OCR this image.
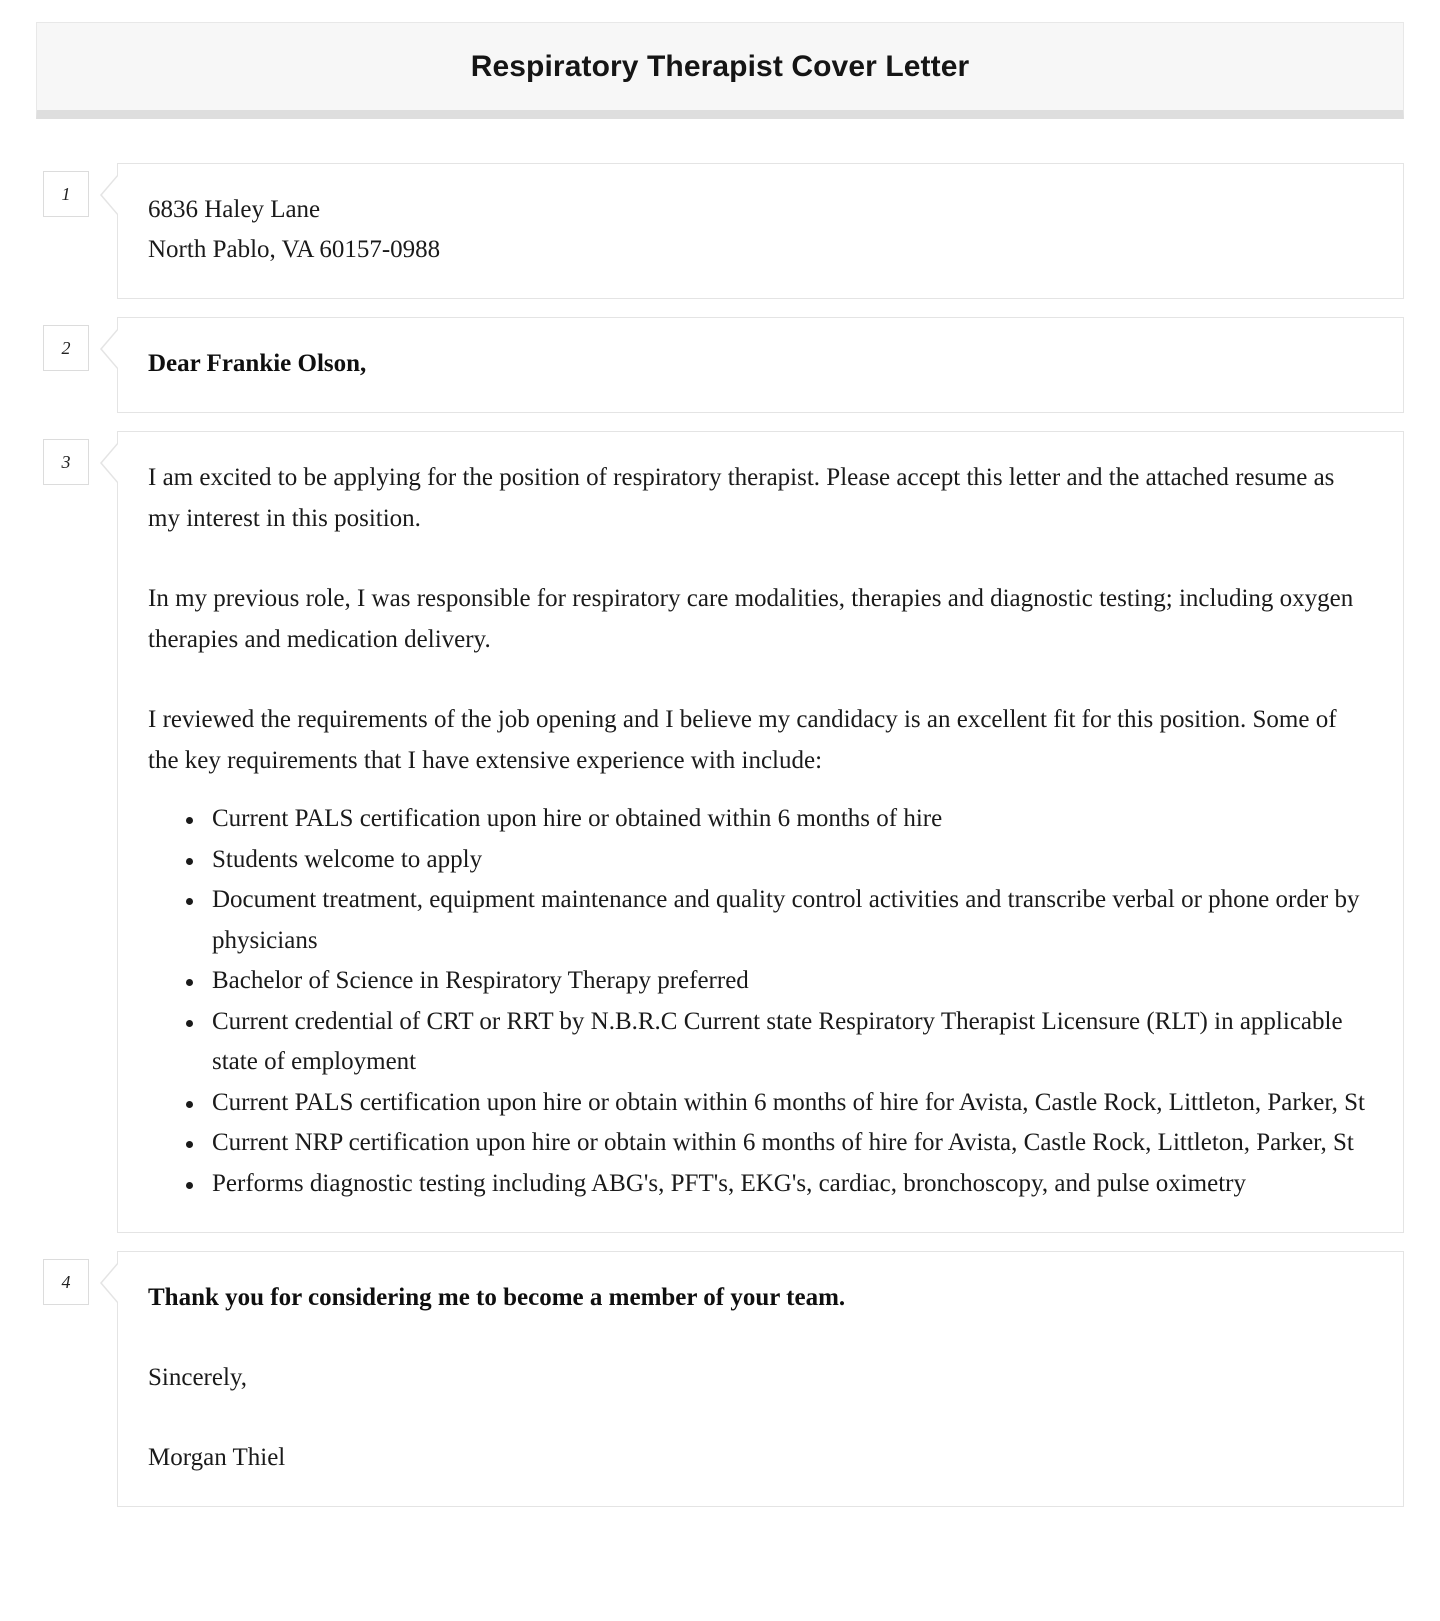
Respiratory Therapist Cover Letter
1
6836 Haley Lane
North Pablo, VA 60157-0988
2
Dear Frankie Olson,
3

I am excited to be applying for the position of respiratory therapist. Please accept this letter and the attached resume as my interest in this position.

In my previous role, I was responsible for respiratory care modalities, therapies and diagnostic testing; including oxygen therapies and medication delivery.

I reviewed the requirements of the job opening and I believe my candidacy is an excellent fit for this position. Some of the key requirements that I have extensive experience with include:

Current PALS certification upon hire or obtained within 6 months of hire
Students welcome to apply
Document treatment, equipment maintenance and quality control activities and transcribe verbal or phone order by physicians
Bachelor of Science in Respiratory Therapy preferred
Current credential of CRT or RRT by N.B.R.C Current state Respiratory Therapist Licensure (RLT) in applicable state of employment
Current PALS certification upon hire or obtain within 6 months of hire for Avista, Castle Rock, Littleton, Parker, St
Current NRP certification upon hire or obtain within 6 months of hire for Avista, Castle Rock, Littleton, Parker, St
Performs diagnostic testing including ABG's, PFT's, EKG's, cardiac, bronchoscopy, and pulse oximetry
4
Thank you for considering me to become a member of your team.
Sincerely,
Morgan Thiel
